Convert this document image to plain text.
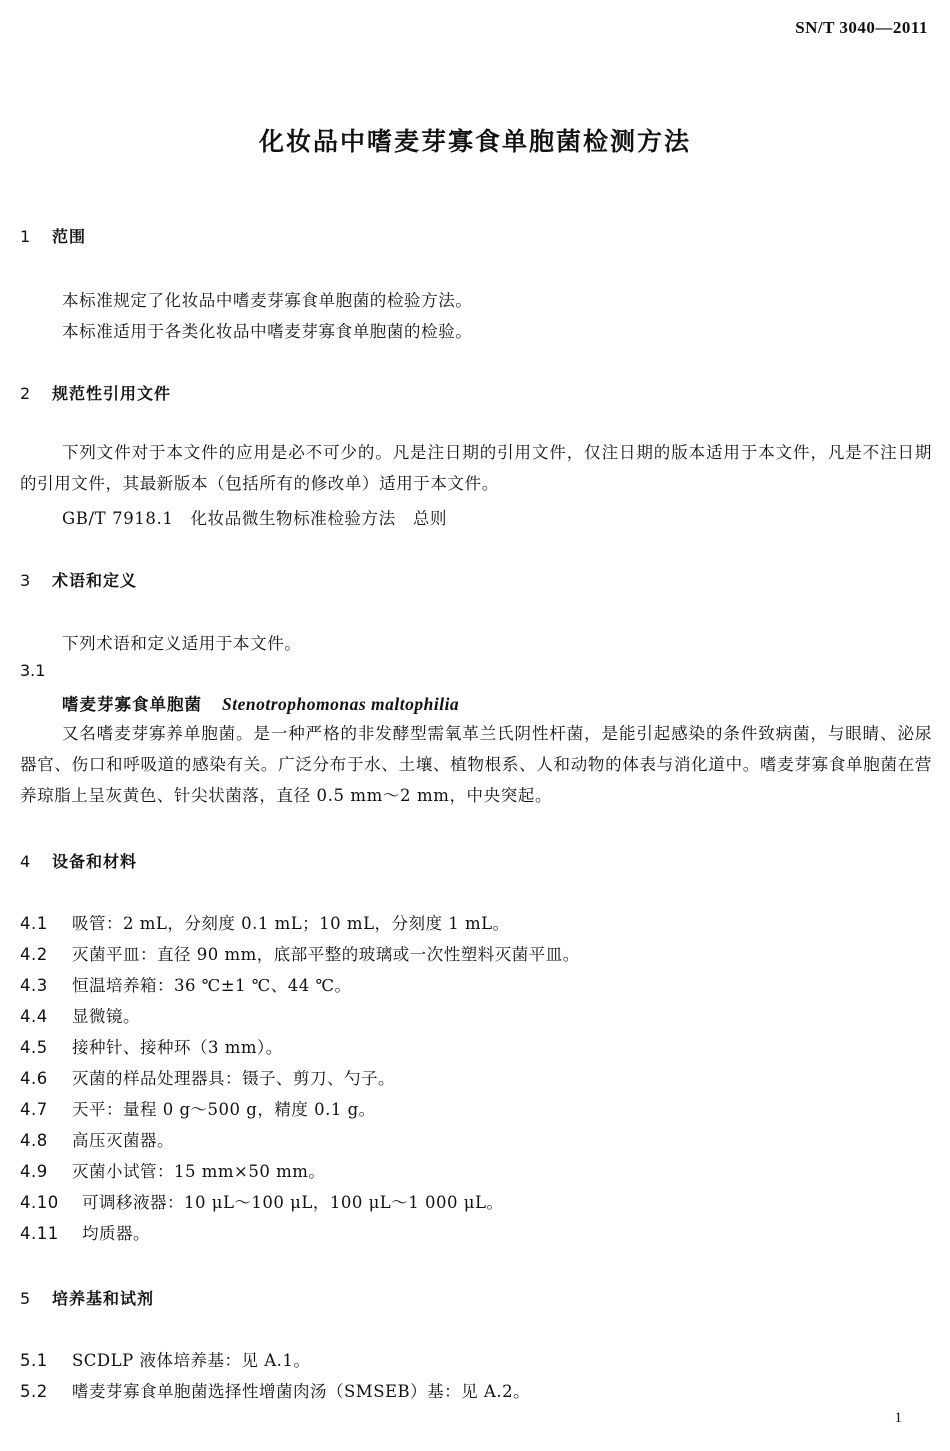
SN/T 3040—2011
化妆品中嗜麦芽寡食单胞菌检测方法
1 范围
本标准规定了化妆品中嗜麦芽寡食单胞菌的检验方法。
本标准适用于各类化妆品中嗜麦芽寡食单胞菌的检验。
2 规范性引用文件
下列文件对于本文件的应用是必不可少的。凡是注日期的引用文件，仅注日期的版本适用于本文件，凡是不注日期的引用文件，其最新版本（包括所有的修改单）适用于本文件。
GB/T 7918.1　化妆品微生物标准检验方法　总则
3 术语和定义
下列术语和定义适用于本文件。
3.1
嗜麦芽寡食单胞菌 Stenotrophomonas maltophilia
又名嗜麦芽寡养单胞菌。是一种严格的非发酵型需氧革兰氏阴性杆菌，是能引起感染的条件致病菌，与眼睛、泌尿器官、伤口和呼吸道的感染有关。广泛分布于水、土壤、植物根系、人和动物的体表与消化道中。嗜麦芽寡食单胞菌在营养琼脂上呈灰黄色、针尖状菌落，直径 0.5 mm～2 mm，中央突起。
4 设备和材料
4.1 吸管：2 mL，分刻度 0.1 mL；10 mL，分刻度 1 mL。
4.2 灭菌平皿：直径 90 mm，底部平整的玻璃或一次性塑料灭菌平皿。
4.3 恒温培养箱：36 ℃±1 ℃、44 ℃。
4.4 显微镜。
4.5 接种针、接种环（3 mm）。
4.6 灭菌的样品处理器具：镊子、剪刀、勺子。
4.7 天平：量程 0 g～500 g，精度 0.1 g。
4.8 高压灭菌器。
4.9 灭菌小试管：15 mm×50 mm。
4.10 可调移液器：10 μL～100 μL，100 μL～1 000 μL。
4.11 均质器。
5 培养基和试剂
5.1 SCDLP 液体培养基：见 A.1。
5.2 嗜麦芽寡食单胞菌选择性增菌肉汤（SMSEB）基：见 A.2。
1
